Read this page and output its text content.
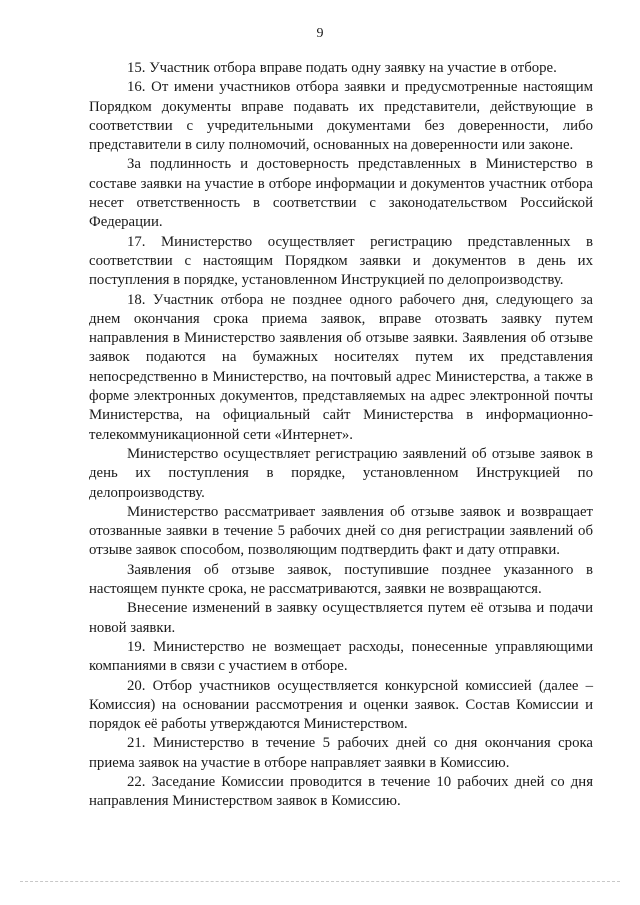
9

15. Участник отбора вправе подать одну заявку на участие в отборе.

16. От имени участников отбора заявки и предусмотренные настоящим Порядком документы вправе подавать их представители, действующие в соответствии с учредительными документами без доверенности, либо представители в силу полномочий, основанных на доверенности или законе.

За подлинность и достоверность представленных в Министерство в составе заявки на участие в отборе информации и документов участник отбора несет ответственность в соответствии с законодательством Российской Федерации.

17. Министерство осуществляет регистрацию представленных в соответствии с настоящим Порядком заявки и документов в день их поступления в порядке, установленном Инструкцией по делопроизводству.

18. Участник отбора не позднее одного рабочего дня, следующего за днем окончания срока приема заявок, вправе отозвать заявку путем направления в Министерство заявления об отзыве заявки. Заявления об отзыве заявок подаются на бумажных носителях путем их представления непосредственно в Министерство, на почтовый адрес Министерства, а также в форме электронных документов, представляемых на адрес электронной почты Министерства, на официальный сайт Министерства в информационно-телекоммуникационной сети «Интернет».

Министерство осуществляет регистрацию заявлений об отзыве заявок в день их поступления в порядке, установленном Инструкцией по делопроизводству.

Министерство рассматривает заявления об отзыве заявок и возвращает отозванные заявки в течение 5 рабочих дней со дня регистрации заявлений об отзыве заявок способом, позволяющим подтвердить факт и дату отправки.

Заявления об отзыве заявок, поступившие позднее указанного в настоящем пункте срока, не рассматриваются, заявки не возвращаются.

Внесение изменений в заявку осуществляется путем её отзыва и подачи новой заявки.

19. Министерство не возмещает расходы, понесенные управляющими компаниями в связи с участием в отборе.

20. Отбор участников осуществляется конкурсной комиссией (далее – Комиссия) на основании рассмотрения и оценки заявок. Состав Комиссии и порядок её работы утверждаются Министерством.

21. Министерство в течение 5 рабочих дней со дня окончания срока приема заявок на участие в отборе направляет заявки в Комиссию.

22. Заседание Комиссии проводится в течение 10 рабочих дней со дня направления Министерством заявок в Комиссию.
